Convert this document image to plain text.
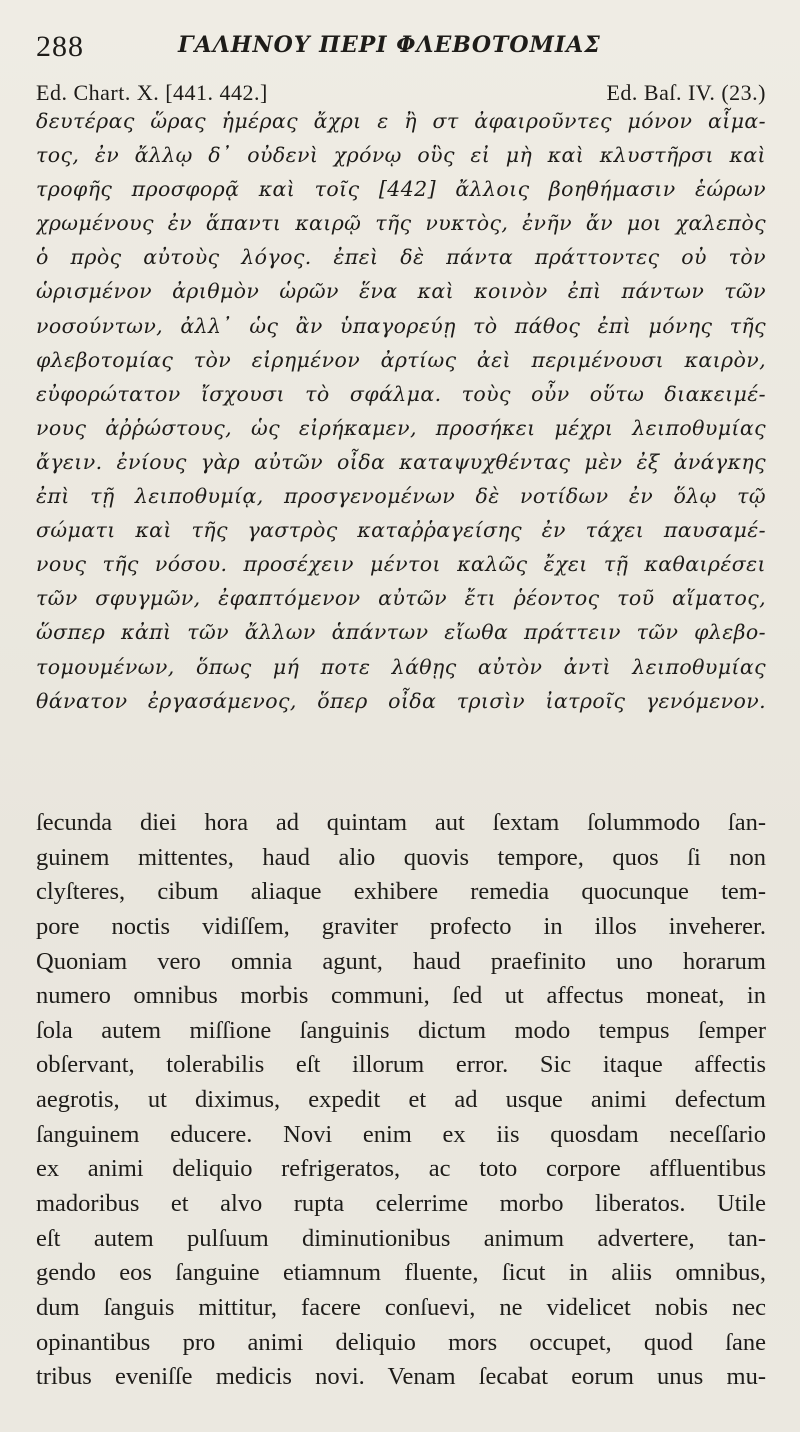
288	ΓΑΛΗΝΟΥ ΠΕΡΙ ΦΛΕΒΟΤΟΜΙΑΣ
Ed. Chart. X. [441. 442.]	Ed. Baſ. IV. (23.)
δευτέρας ὥρας ἡμέρας ἄχρι ε ἢ στ ἀφαιροῦντες μόνον αἷμα-
τος, ἐν ἄλλῳ δ᾽ οὐδενὶ χρόνῳ οὓς εἰ μὴ καὶ κλυστῆρσι καὶ
τροφῆς προσφορᾷ καὶ τοῖς [442] ἄλλοις βοηθήμασιν ἑώρων
χρωμένους ἐν ἅπαντι καιρῷ τῆς νυκτὸς, ἐνῆν ἄν μοι χαλεπὸς
ὁ πρὸς αὐτοὺς λόγος. ἐπεὶ δὲ πάντα πράττοντες οὐ τὸν
ὡρισμένον ἀριθμὸν ὡρῶν ἕνα καὶ κοινὸν ἐπὶ πάντων τῶν
νοσούντων, ἀλλ᾽ ὡς ἂν ὑπαγορεύῃ τὸ πάθος ἐπὶ μόνης τῆς
φλεβοτομίας τὸν εἰρημένον ἀρτίως ἀεὶ περιμένουσι καιρὸν,
εὐφορώτατον ἴσχουσι τὸ σφάλμα. τοὺς οὖν οὕτω διακειμέ-
νους ἀῤῥώστους, ὡς εἰρήκαμεν, προσήκει μέχρι λειποθυμίας
ἄγειν. ἐνίους γὰρ αὐτῶν οἶδα καταψυχθέντας μὲν ἐξ ἀνάγκης
ἐπὶ τῇ λειποθυμίᾳ, προσγενομένων δὲ νοτίδων ἐν ὅλῳ τῷ
σώματι καὶ τῆς γαστρὸς καταῤῥαγείσης ἐν τάχει παυσαμέ-
νους τῆς νόσου. προσέχειν μέντοι καλῶς ἔχει τῇ καθαιρέσει
τῶν σφυγμῶν, ἐφαπτόμενον αὐτῶν ἔτι ῥέοντος τοῦ αἵματος,
ὥσπερ κἀπὶ τῶν ἄλλων ἁπάντων εἴωθα πράττειν τῶν φλεβο-
τομουμένων, ὅπως μή ποτε λάθῃς αὐτὸν ἀντὶ λειποθυμίας
θάνατον ἐργασάμενος, ὅπερ οἶδα τρισὶν ἰατροῖς γενόμενον.
ſecunda diei hora ad quintam aut ſextam ſolummodo ſan-
guinem mittentes, haud alio quovis tempore, quos ſi non
clyſteres, cibum aliaque exhibere remedia quocunque tem-
pore noctis vidiſſem, graviter profecto in illos inveherer.
Quoniam vero omnia agunt, haud praefinito uno horarum
numero omnibus morbis communi, ſed ut affectus moneat, in
ſola autem miſſione ſanguinis dictum modo tempus ſemper
obſervant, tolerabilis eſt illorum error. Sic itaque affectis
aegrotis, ut diximus, expedit et ad usque animi defectum
ſanguinem educere. Novi enim ex iis quosdam neceſſario
ex animi deliquio refrigeratos, ac toto corpore affluentibus
madoribus et alvo rupta celerrime morbo liberatos. Utile
eſt autem pulſuum diminutionibus animum advertere, tan-
gendo eos ſanguine etiamnum fluente, ſicut in aliis omnibus,
dum ſanguis mittitur, facere conſuevi, ne videlicet nobis nec
opinantibus pro animi deliquio mors occupet, quod ſane
tribus eveniſſe medicis novi. Venam ſecabat eorum unus mu-
